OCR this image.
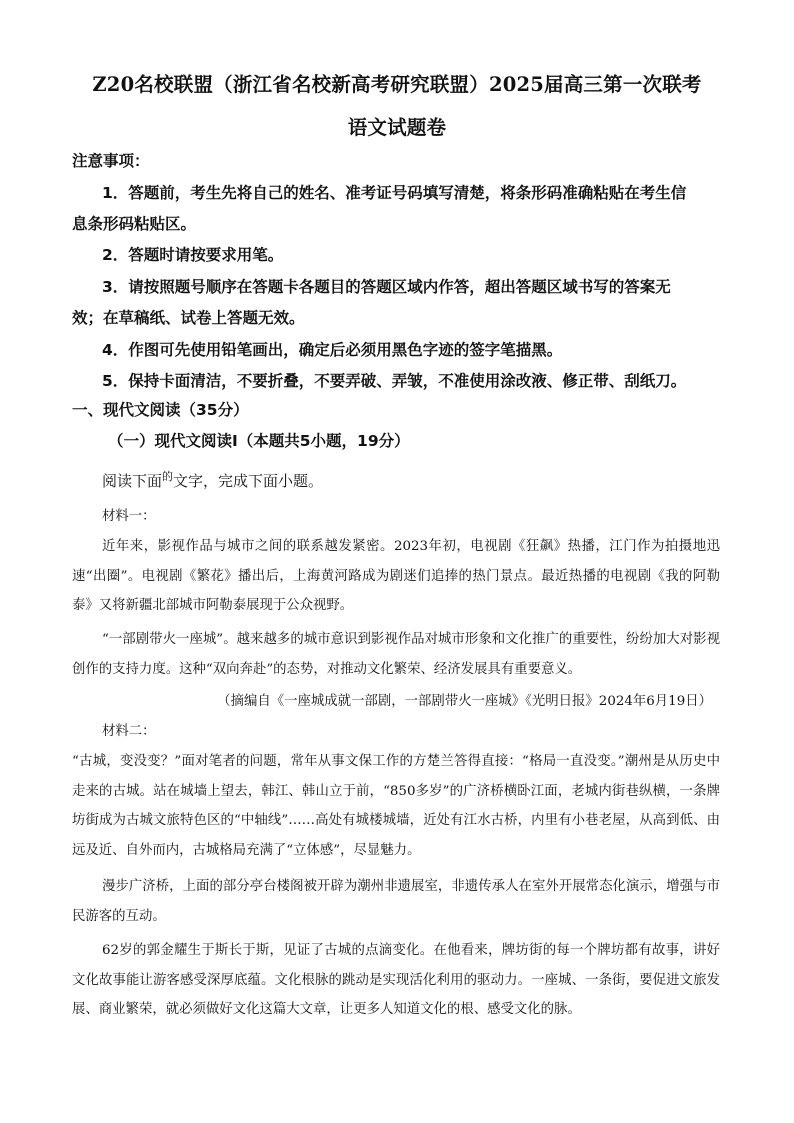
Z20名校联盟（浙江省名校新高考研究联盟）2025届高三第一次联考
语文试题卷
注意事项：
1．答题前，考生先将自己的姓名、准考证号码填写清楚，将条形码准确粘贴在考生信
息条形码粘贴区。
2．答题时请按要求用笔。
3．请按照题号顺序在答题卡各题目的答题区域内作答，超出答题区域书写的答案无
效；在草稿纸、试卷上答题无效。
4．作图可先使用铅笔画出，确定后必须用黑色字迹的签字笔描黑。
5．保持卡面清洁，不要折叠，不要弄破、弄皱，不准使用涂改液、修正带、刮纸刀。
一、现代文阅读（35分）
（一）现代文阅读Ⅰ（本题共5小题，19分）
阅读下面$^的$文字，完成下面小题。
材料一：
近年来，影视作品与城市之间的联系越发紧密。2023年初，电视剧《狂飙》热播，江门作为拍摄地迅速“出圈”。电视剧《繁花》播出后，上海黄河路成为剧迷们追捧的热门景点。最近热播的电视剧《我的阿勒泰》又将新疆北部城市阿勒泰展现于公众视野。
“一部剧带火一座城”。越来越多的城市意识到影视作品对城市形象和文化推广的重要性，纷纷加大对影视创作的支持力度。这种“双向奔赴”的态势，对推动文化繁荣、经济发展具有重要意义。
（摘编自《一座城成就一部剧，一部剧带火一座城》《光明日报》2024年6月19日）
材料二：
“古城，变没变？”面对笔者的问题，常年从事文保工作的方楚兰答得直接：“格局一直没变。”潮州是从历史中走来的古城。站在城墙上望去，韩江、韩山立于前，“850多岁”的广济桥横卧江面，老城内街巷纵横，一条牌坊街成为古城文旅特色区的“中轴线”……高处有城楼城墙，近处有江水古桥，内里有小巷老屋，从高到低、由远及近、自外而内，古城格局充满了“立体感”，尽显魅力。
漫步广济桥，上面的部分亭台楼阁被开辟为潮州非遗展室，非遗传承人在室外开展常态化演示，增强与市民游客的互动。
62岁的郭金耀生于斯长于斯，见证了古城的点滴变化。在他看来，牌坊街的每一个牌坊都有故事，讲好文化故事能让游客感受深厚底蕴。文化根脉的跳动是实现活化利用的驱动力。一座城、一条街，要促进文旅发展、商业繁荣，就必须做好文化这篇大文章，让更多人知道文化的根、感受文化的脉。
